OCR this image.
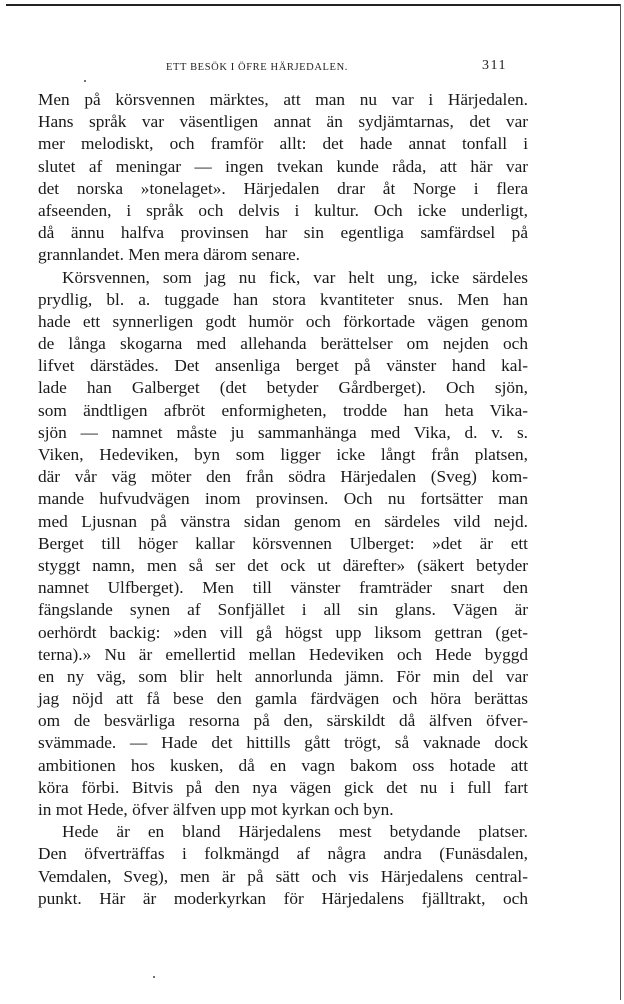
ETT BESÖK I ÖFRE HÄRJEDALEN.	311
Men på körsvennen märktes, att man nu var i Härjedalen.
Hans språk var väsentligen annat än sydjämtarnas, det var
mer melodiskt, och framför allt: det hade annat tonfall i
slutet af meningar — ingen tvekan kunde råda, att här var
det norska »tonelaget». Härjedalen drar åt Norge i flera
afseenden, i språk och delvis i kultur. Och icke underligt,
då ännu halfva provinsen har sin egentliga samfärdsel på
grannlandet. Men mera därom senare.
Körsvennen, som jag nu fick, var helt ung, icke särdeles
prydlig, bl. a. tuggade han stora kvantiteter snus. Men han
hade ett synnerligen godt humör och förkortade vägen genom
de långa skogarna med allehanda berättelser om nejden och
lifvet därstädes. Det ansenliga berget på vänster hand kal-
lade han Galberget (det betyder Gårdberget). Och sjön,
som ändtligen afbröt enformigheten, trodde han heta Vika-
sjön — namnet måste ju sammanhänga med Vika, d. v. s.
Viken, Hedeviken, byn som ligger icke långt från platsen,
där vår väg möter den från södra Härjedalen (Sveg) kom-
mande hufvudvägen inom provinsen. Och nu fortsätter man
med Ljusnan på vänstra sidan genom en särdeles vild nejd.
Berget till höger kallar körsvennen Ulberget: »det är ett
styggt namn, men så ser det ock ut därefter» (säkert betyder
namnet Ulfberget). Men till vänster framträder snart den
fängslande synen af Sonfjället i all sin glans. Vägen är
oerhördt backig: »den vill gå högst upp liksom gettran (get-
terna).» Nu är emellertid mellan Hedeviken och Hede byggd
en ny väg, som blir helt annorlunda jämn. För min del var
jag nöjd att få bese den gamla färdvägen och höra berättas
om de besvärliga resorna på den, särskildt då älfven öfver-
svämmade. — Hade det hittills gått trögt, så vaknade dock
ambitionen hos kusken, då en vagn bakom oss hotade att
köra förbi. Bitvis på den nya vägen gick det nu i full fart
in mot Hede, öfver älfven upp mot kyrkan och byn.
Hede är en bland Härjedalens mest betydande platser.
Den öfverträffas i folkmängd af några andra (Funäsdalen,
Vemdalen, Sveg), men är på sätt och vis Härjedalens central-
punkt. Här är moderkyrkan för Härjedalens fjälltrakt, och
